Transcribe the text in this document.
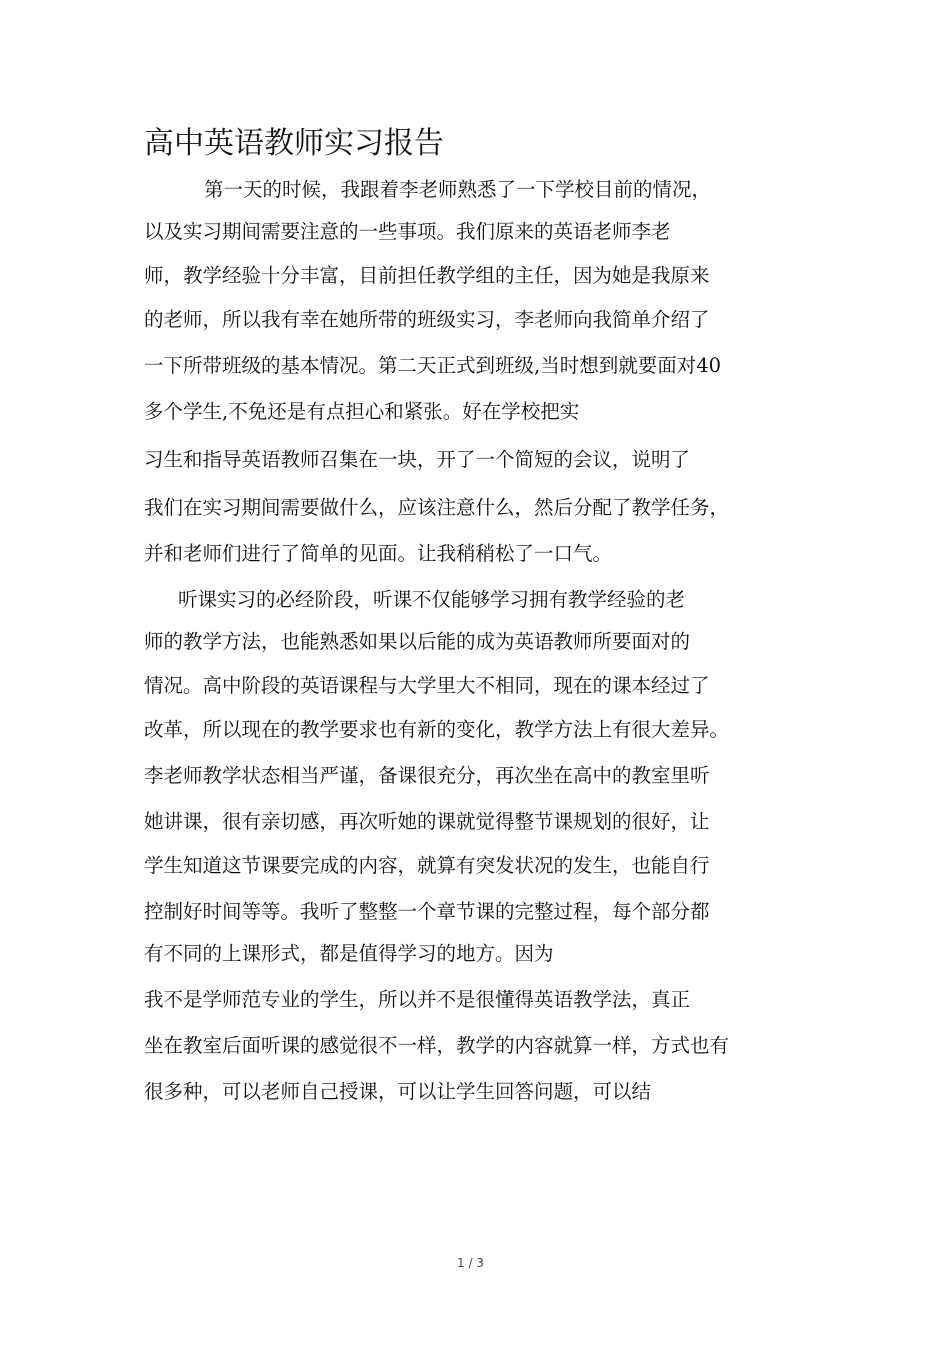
高中英语教师实习报告

第一天的时候，我跟着李老师熟悉了一下学校目前的情况，

以及实习期间需要注意的一些事项。我们原来的英语老师李老

师，教学经验十分丰富，目前担任教学组的主任，因为她是我原来

的老师，所以我有幸在她所带的班级实习，李老师向我简单介绍了

一下所带班级的基本情况。第二天正式到班级,当时想到就要面对40

多个学生,不免还是有点担心和紧张。好在学校把实

习生和指导英语教师召集在一块，开了一个简短的会议，说明了

我们在实习期间需要做什么，应该注意什么，然后分配了教学任务，

并和老师们进行了简单的见面。让我稍稍松了一口气。

听课实习的必经阶段，听课不仅能够学习拥有教学经验的老

师的教学方法，也能熟悉如果以后能的成为英语教师所要面对的

情况。高中阶段的英语课程与大学里大不相同，现在的课本经过了

改革，所以现在的教学要求也有新的变化，教学方法上有很大差异。

李老师教学状态相当严谨，备课很充分，再次坐在高中的教室里听

她讲课，很有亲切感，再次听她的课就觉得整节课规划的很好，让

学生知道这节课要完成的内容，就算有突发状况的发生，也能自行

控制好时间等等。我听了整整一个章节课的完整过程，每个部分都

有不同的上课形式，都是值得学习的地方。因为

我不是学师范专业的学生，所以并不是很懂得英语教学法，真正

坐在教室后面听课的感觉很不一样，教学的内容就算一样，方式也有

很多种，可以老师自己授课，可以让学生回答问题，可以结

1 / 3
